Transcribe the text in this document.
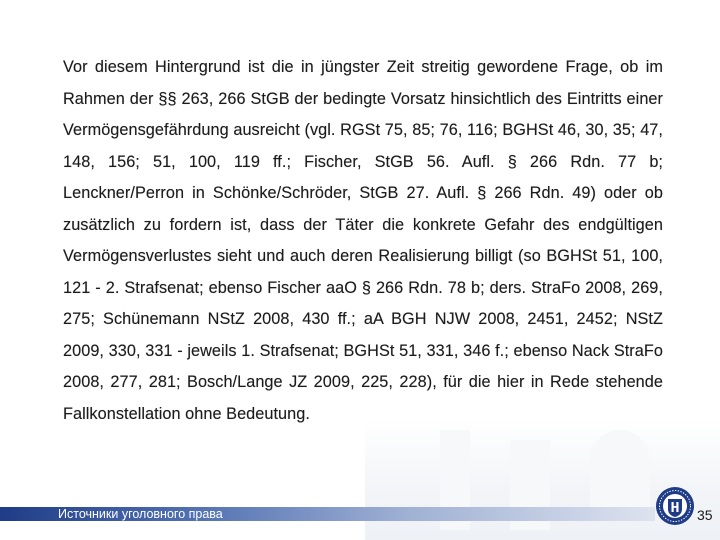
Vor diesem Hintergrund ist die in jüngster Zeit streitig gewordene Frage, ob im Rahmen der §§ 263, 266 StGB der bedingte Vorsatz hinsichtlich des Eintritts einer Vermögensgefährdung ausreicht (vgl. RGSt 75, 85; 76, 116; BGHSt 46, 30, 35; 47, 148, 156; 51, 100, 119 ff.; Fischer, StGB 56. Aufl. § 266 Rdn. 77 b; Lenckner/Perron in Schönke/Schröder, StGB 27. Aufl. § 266 Rdn. 49) oder ob zusätzlich zu fordern ist, dass der Täter die konkrete Gefahr des endgültigen Vermögensverlustes sieht und auch deren Realisierung billigt (so BGHSt 51, 100, 121 - 2. Strafsenat; ebenso Fischer aaO § 266 Rdn. 78 b; ders. StraFo 2008, 269, 275; Schünemann NStZ 2008, 430 ff.; aA BGH NJW 2008, 2451, 2452; NStZ 2009, 330, 331 - jeweils 1. Strafsenat; BGHSt 51, 331, 346 f.; ebenso Nack StraFo 2008, 277, 281; Bosch/Lange JZ 2009, 225, 228), für die hier in Rede stehende Fallkonstellation ohne Bedeutung.

Источники уголовного права	35
